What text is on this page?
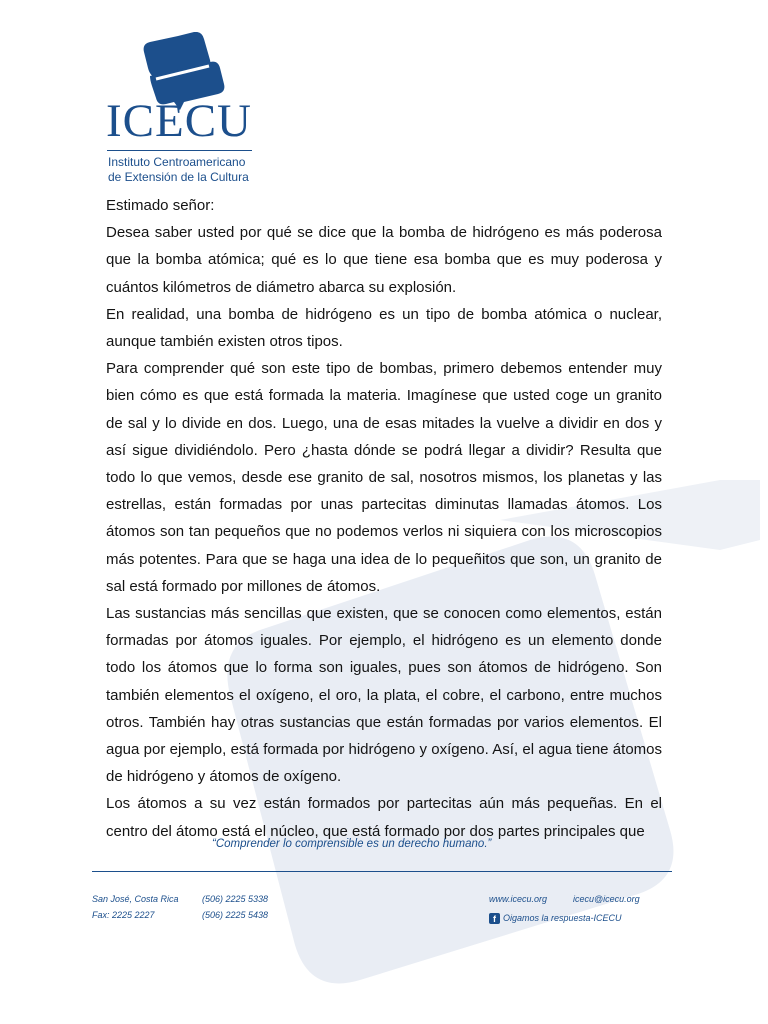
ICECU
Instituto Centroamericano
de Extensión de la Cultura

Estimado señor:

Desea saber usted por qué se dice que la bomba de hidrógeno es más poderosa que la bomba atómica; qué es lo que tiene esa bomba que es muy poderosa y cuántos kilómetros de diámetro abarca su explosión.

En realidad, una bomba de hidrógeno es un tipo de bomba atómica o nuclear, aunque también existen otros tipos.

Para comprender qué son este tipo de bombas, primero debemos entender muy bien cómo es que está formada la materia. Imagínese que usted coge un granito de sal y lo divide en dos. Luego, una de esas mitades la vuelve a dividir en dos y así sigue dividiéndolo. Pero ¿hasta dónde se podrá llegar a dividir? Resulta que todo lo que vemos, desde ese granito de sal, nosotros mismos, los planetas y las estrellas, están formadas por unas partecitas diminutas llamadas átomos. Los átomos son tan pequeños que no podemos verlos ni siquiera con los microscopios más potentes. Para que se haga una idea de lo pequeñitos que son, un granito de sal está formado por millones de átomos.

Las sustancias más sencillas que existen, que se conocen como elementos, están formadas por átomos iguales. Por ejemplo, el hidrógeno es un elemento donde todo los átomos que lo forma son iguales, pues son átomos de hidrógeno. Son también elementos el oxígeno, el oro, la plata, el cobre, el carbono, entre muchos otros. También hay otras sustancias que están formadas por varios elementos. El agua por ejemplo, está formada por hidrógeno y oxígeno. Así, el agua tiene átomos de hidrógeno y átomos de oxígeno.

Los átomos a su vez están formados por partecitas aún más pequeñas. En el centro del átomo está el núcleo, que está formado por dos partes principales que

“Comprender lo comprensible es un derecho humano.”
San José, Costa Rica
Fax: 2225 2227
(506) 2225 5338
(506) 2225 5438
www.icecu.org	icecu@icecu.org
f Oigamos la respuesta-ICECU
